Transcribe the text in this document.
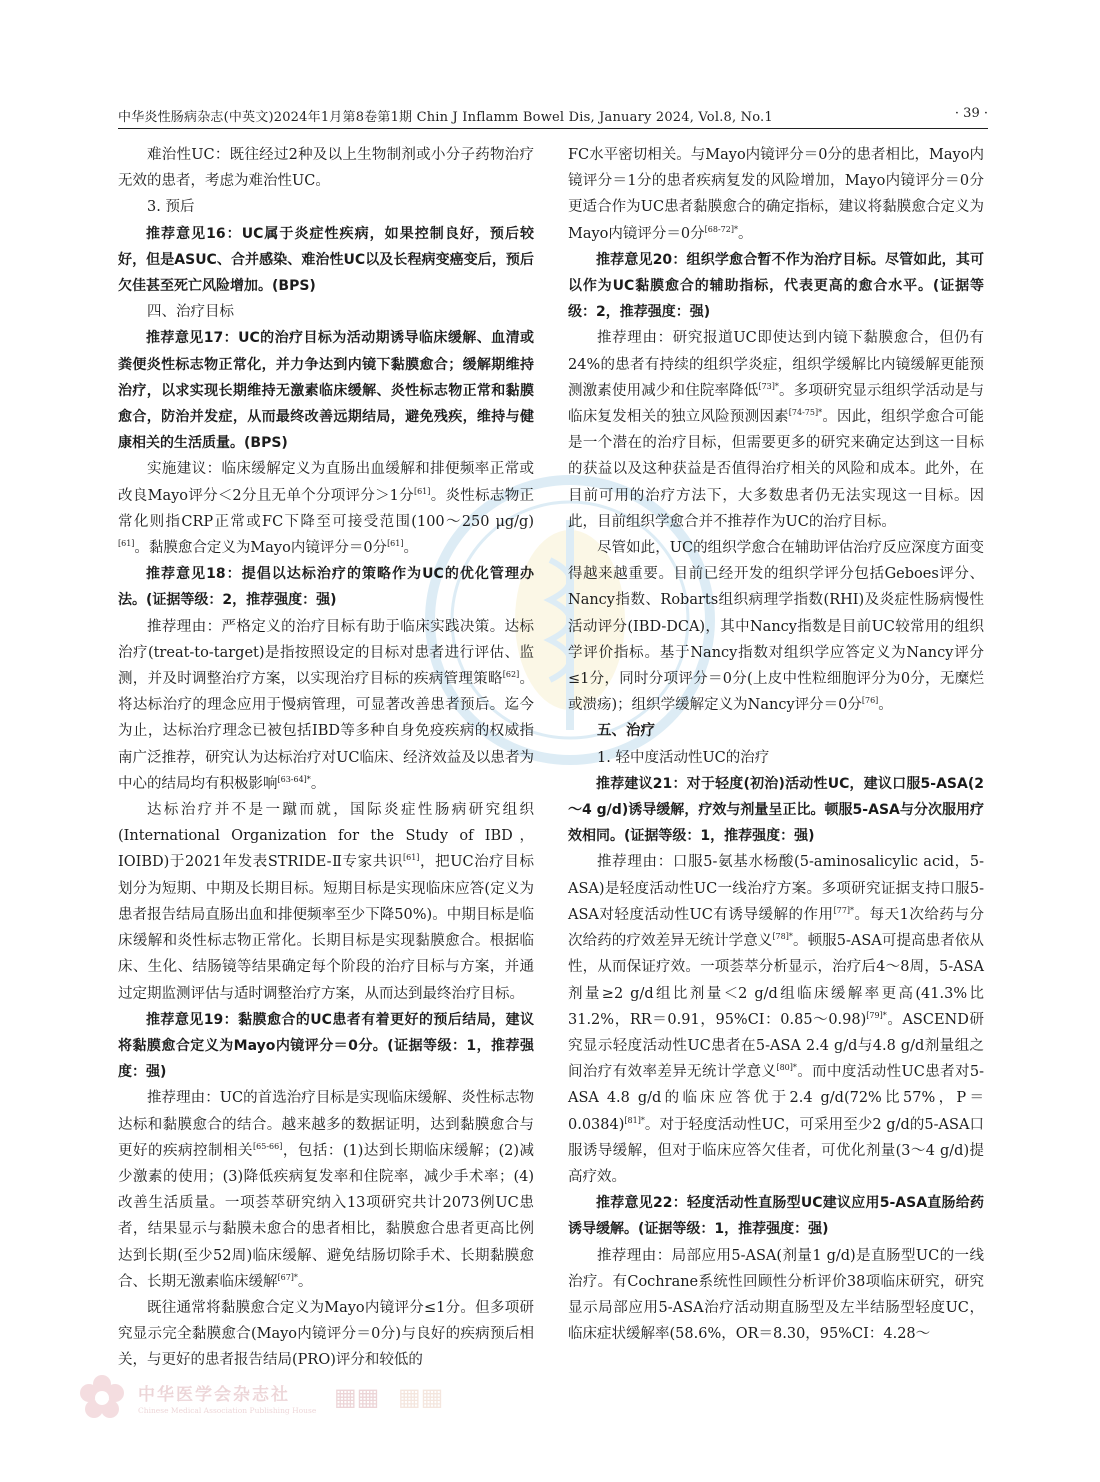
中华炎性肠病杂志(中英文)2024年1月第8卷第1期 Chin J Inflamm Bowel Dis, January 2024, Vol.8, No.1	· 39 ·

难治性UC：既往经过2种及以上生物制剂或小分子药物治疗无效的患者，考虑为难治性UC。

3. 预后

推荐意见16：UC属于炎症性疾病，如果控制良好，预后较好，但是ASUC、合并感染、难治性UC以及长程病变癌变后，预后欠佳甚至死亡风险增加。(BPS)

四、治疗目标

推荐意见17：UC的治疗目标为活动期诱导临床缓解、血清或粪便炎性标志物正常化，并力争达到内镜下黏膜愈合；缓解期维持治疗，以求实现长期维持无激素临床缓解、炎性标志物正常和黏膜愈合，防治并发症，从而最终改善远期结局，避免残疾，维持与健康相关的生活质量。(BPS)

实施建议：临床缓解定义为直肠出血缓解和排便频率正常或改良Mayo评分＜2分且无单个分项评分＞1分[61]。炎性标志物正常化则指CRP正常或FC下降至可接受范围(100～250 μg/g)[61]。黏膜愈合定义为Mayo内镜评分＝0分[61]。

推荐意见18：提倡以达标治疗的策略作为UC的优化管理办法。(证据等级：2，推荐强度：强)

推荐理由：严格定义的治疗目标有助于临床实践决策。达标治疗(treat-to-target)是指按照设定的目标对患者进行评估、监测，并及时调整治疗方案，以实现治疗目标的疾病管理策略[62]。将达标治疗的理念应用于慢病管理，可显著改善患者预后。迄今为止，达标治疗理念已被包括IBD等多种自身免疫疾病的权威指南广泛推荐，研究认为达标治疗对UC临床、经济效益及以患者为中心的结局均有积极影响$^{[63-64]*}$。

达标治疗并不是一蹴而就，国际炎症性肠病研究组织(International Organization for the Study of IBD，IOIBD)于2021年发表STRIDE-Ⅱ专家共识[61]，把UC治疗目标划分为短期、中期及长期目标。短期目标是实现临床应答(定义为患者报告结局直肠出血和排便频率至少下降50%)。中期目标是临床缓解和炎性标志物正常化。长期目标是实现黏膜愈合。根据临床、生化、结肠镜等结果确定每个阶段的治疗目标与方案，并通过定期监测评估与适时调整治疗方案，从而达到最终治疗目标。

推荐意见19：黏膜愈合的UC患者有着更好的预后结局，建议将黏膜愈合定义为Mayo内镜评分＝0分。(证据等级：1，推荐强度：强)

推荐理由：UC的首选治疗目标是实现临床缓解、炎性标志物达标和黏膜愈合的结合。越来越多的数据证明，达到黏膜愈合与更好的疾病控制相关[65-66]，包括：(1)达到长期临床缓解；(2)减少激素的使用；(3)降低疾病复发率和住院率，减少手术率；(4)改善生活质量。一项荟萃研究纳入13项研究共计2073例UC患者，结果显示与黏膜未愈合的患者相比，黏膜愈合患者更高比例达到长期(至少52周)临床缓解、避免结肠切除手术、长期黏膜愈合、长期无激素临床缓解$^{[67]*}$。

既往通常将黏膜愈合定义为Mayo内镜评分≤1分。但多项研究显示完全黏膜愈合(Mayo内镜评分＝0分)与良好的疾病预后相关，与更好的患者报告结局(PRO)评分和较低的

FC水平密切相关。与Mayo内镜评分＝0分的患者相比，Mayo内镜评分＝1分的患者疾病复发的风险增加，Mayo内镜评分＝0分更适合作为UC患者黏膜愈合的确定指标，建议将黏膜愈合定义为Mayo内镜评分＝0分$^{[68-72]*}$。

推荐意见20：组织学愈合暂不作为治疗目标。尽管如此，其可以作为UC黏膜愈合的辅助指标，代表更高的愈合水平。(证据等级：2，推荐强度：强)

推荐理由：研究报道UC即使达到内镜下黏膜愈合，但仍有24%的患者有持续的组织学炎症，组织学缓解比内镜缓解更能预测激素使用减少和住院率降低$^{[73]*}$。多项研究显示组织学活动是与临床复发相关的独立风险预测因素$^{[74-75]*}$。因此，组织学愈合可能是一个潜在的治疗目标，但需要更多的研究来确定达到这一目标的获益以及这种获益是否值得治疗相关的风险和成本。此外，在目前可用的治疗方法下，大多数患者仍无法实现这一目标。因此，目前组织学愈合并不推荐作为UC的治疗目标。

尽管如此，UC的组织学愈合在辅助评估治疗反应深度方面变得越来越重要。目前已经开发的组织学评分包括Geboes评分、Nancy指数、Robarts组织病理学指数(RHI)及炎症性肠病慢性活动评分(IBD-DCA)，其中Nancy指数是目前UC较常用的组织学评价指标。基于Nancy指数对组织学应答定义为Nancy评分≤1分，同时分项评分＝0分(上皮中性粒细胞评分为0分，无糜烂或溃疡)；组织学缓解定义为Nancy评分＝0分[76]。

五、治疗

1. 轻中度活动性UC的治疗

推荐建议21：对于轻度(初治)活动性UC，建议口服5-ASA(2～4 g/d)诱导缓解，疗效与剂量呈正比。顿服5-ASA与分次服用疗效相同。(证据等级：1，推荐强度：强)

推荐理由：口服5-氨基水杨酸(5-aminosalicylic acid，5-ASA)是轻度活动性UC一线治疗方案。多项研究证据支持口服5-ASA对轻度活动性UC有诱导缓解的作用$^{[77]*}$。每天1次给药与分次给药的疗效差异无统计学意义$^{[78]*}$。顿服5-ASA可提高患者依从性，从而保证疗效。一项荟萃分析显示，治疗后4～8周，5-ASA剂量≥2 g/d组比剂量＜2 g/d组临床缓解率更高(41.3%比31.2%，RR＝0.91，95%CI：0.85～0.98)$^{[79]*}$。ASCEND研究显示轻度活动性UC患者在5-ASA 2.4 g/d与4.8 g/d剂量组之间治疗有效率差异无统计学意义$^{[80]*}$。而中度活动性UC患者对5-ASA 4.8 g/d的临床应答优于2.4 g/d(72%比57%，P＝0.0384)$^{[81]*}$。对于轻度活动性UC，可采用至少2 g/d的5-ASA口服诱导缓解，但对于临床应答欠佳者，可优化剂量(3～4 g/d)提高疗效。

推荐意见22：轻度活动性直肠型UC建议应用5-ASA直肠给药诱导缓解。(证据等级：1，推荐强度：强)

推荐理由：局部应用5-ASA(剂量1 g/d)是直肠型UC的一线治疗。有Cochrane系统性回顾性分析评价38项临床研究，研究显示局部应用5-ASA治疗活动期直肠型及左半结肠型轻度UC，临床症状缓解率(58.6%，OR＝8.30，95%CI：4.28～

中华医学会杂志社
Chinese Medical Association Publishing House ▦▦ ▦▦
